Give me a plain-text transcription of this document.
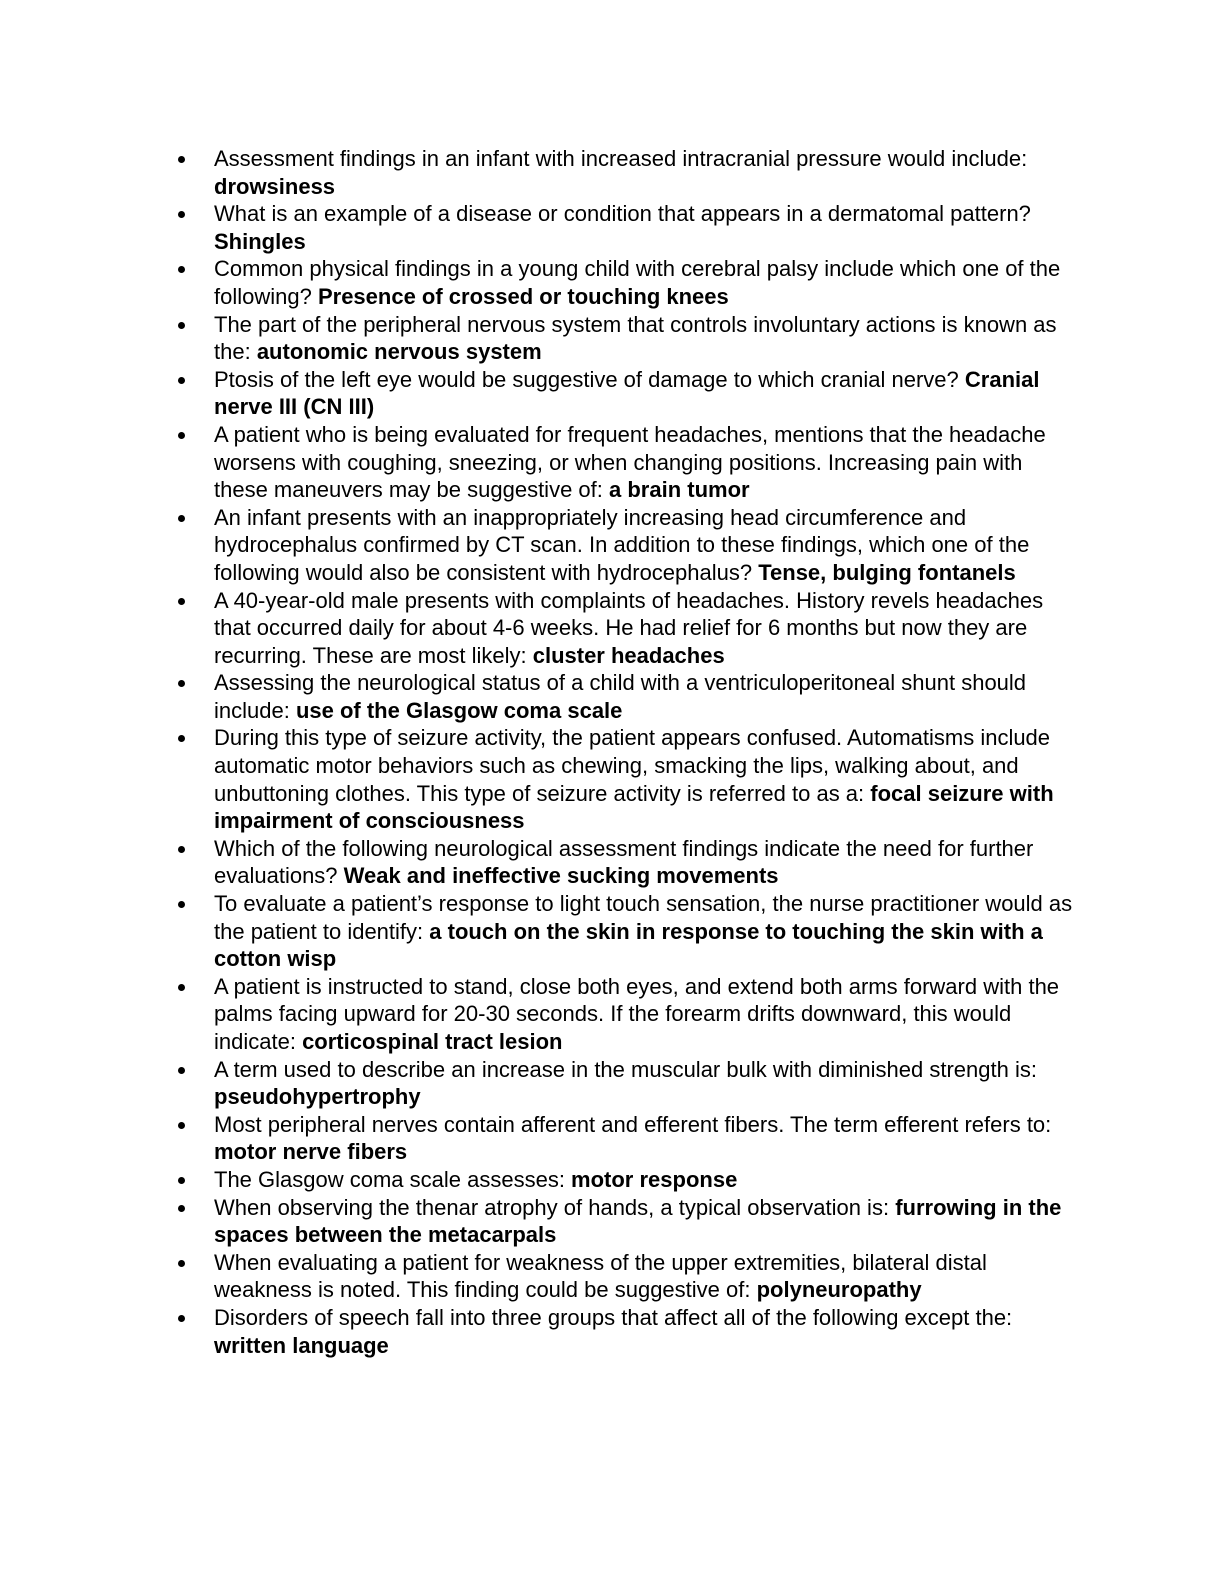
Assessment findings in an infant with increased intracranial pressure would include: drowsiness
What is an example of a disease or condition that appears in a dermatomal pattern? Shingles
Common physical findings in a young child with cerebral palsy include which one of the following? Presence of crossed or touching knees
The part of the peripheral nervous system that controls involuntary actions is known as the: autonomic nervous system
Ptosis of the left eye would be suggestive of damage to which cranial nerve? Cranial nerve III (CN III)
A patient who is being evaluated for frequent headaches, mentions that the headache worsens with coughing, sneezing, or when changing positions. Increasing pain with these maneuvers may be suggestive of: a brain tumor
An infant presents with an inappropriately increasing head circumference and hydrocephalus confirmed by CT scan. In addition to these findings, which one of the following would also be consistent with hydrocephalus? Tense, bulging fontanels
A 40-year-old male presents with complaints of headaches. History revels headaches that occurred daily for about 4-6 weeks. He had relief for 6 months but now they are recurring. These are most likely: cluster headaches
Assessing the neurological status of a child with a ventriculoperitoneal shunt should include: use of the Glasgow coma scale
During this type of seizure activity, the patient appears confused. Automatisms include automatic motor behaviors such as chewing, smacking the lips, walking about, and unbuttoning clothes. This type of seizure activity is referred to as a: focal seizure with impairment of consciousness
Which of the following neurological assessment findings indicate the need for further evaluations? Weak and ineffective sucking movements
To evaluate a patient’s response to light touch sensation, the nurse practitioner would as the patient to identify: a touch on the skin in response to touching the skin with a cotton wisp
A patient is instructed to stand, close both eyes, and extend both arms forward with the palms facing upward for 20-30 seconds. If the forearm drifts downward, this would indicate: corticospinal tract lesion
A term used to describe an increase in the muscular bulk with diminished strength is: pseudohypertrophy
Most peripheral nerves contain afferent and efferent fibers. The term efferent refers to: motor nerve fibers
The Glasgow coma scale assesses: motor response
When observing the thenar atrophy of hands, a typical observation is: furrowing in the spaces between the metacarpals
When evaluating a patient for weakness of the upper extremities, bilateral distal weakness is noted. This finding could be suggestive of: polyneuropathy
Disorders of speech fall into three groups that affect all of the following except the: written language
